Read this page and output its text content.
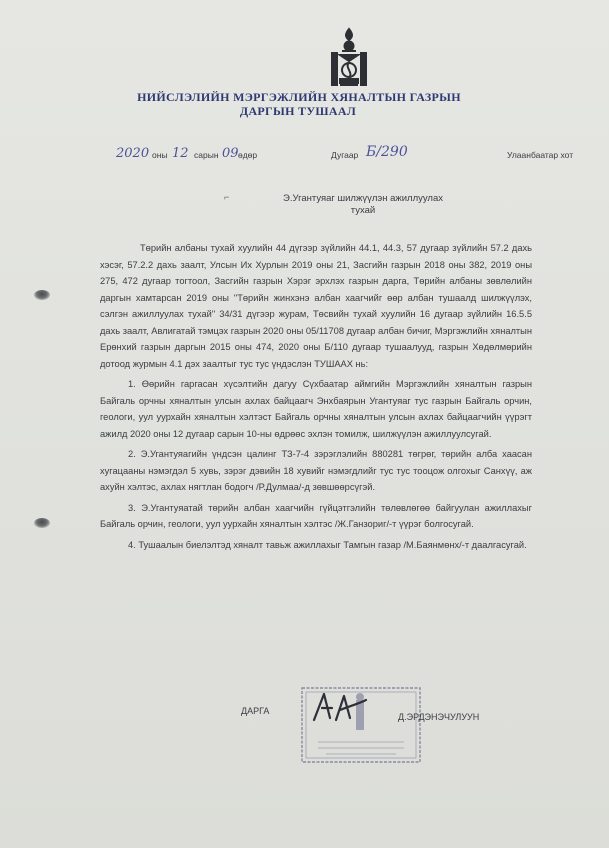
НИЙСЛЭЛИЙН МЭРГЭЖЛИЙН ХЯНАЛТЫН ГАЗРЫН
ДАРГЫН ТУШААЛ
2020 оны 12 сарын 09 өдөр	Дугаар Б/290	Улаанбаатар хот
⌐	Э.Угантуяаг шилжүүлэн ажиллуулах
тухай

Төрийн албаны тухай хуулийн 44 дүгээр зүйлийн 44.1, 44.3, 57 дугаар зүйлийн 57.2 дахь хэсэг, 57.2.2 дахь заалт, Улсын Их Хурлын 2019 оны 21, Засгийн газрын 2018 оны 382, 2019 оны 275, 472 дугаар тогтоол, Засгийн газрын Хэрэг эрхлэх газрын дарга, Төрийн албаны зөвлөлийн даргын хамтарсан 2019 оны "Төрийн жинхэнэ албан хаагчийг өөр албан тушаалд шилжүүлэх, сэлгэн ажиллуулах тухай" 34/31 дүгээр журам, Төсвийн тухай хуулийн 16 дугаар зүйлийн 16.5.5 дахь заалт, Авлигатай тэмцэх газрын 2020 оны 05/11708 дугаар албан бичиг, Мэргэжлийн хяналтын Ерөнхий газрын даргын 2015 оны 474, 2020 оны Б/110 дугаар тушаалууд, газрын Хөдөлмөрийн дотоод журмын 4.1 дэх заалтыг тус тус үндэслэн ТУШААХ нь:

1. Өөрийн гаргасан хүсэлтийн дагуу Сүхбаатар аймгийн Мэргэжлийн хяналтын газрын Байгаль орчны хяналтын улсын ахлах байцаагч Энхбаярын Угантуяаг тус газрын Байгаль орчин, геологи, уул уурхайн хяналтын хэлтэст Байгаль орчны хяналтын улсын ахлах байцаагчийн үүрэгт ажилд 2020 оны 12 дугаар сарын 10-ны өдрөөс эхлэн томилж, шилжүүлэн ажиллуулсугай.

2. Э.Угантуяагийн үндсэн цалинг ТЗ-7-4 зэрэглэлийн 880281 төгрөг, төрийн алба хаасан хугацааны нэмэгдэл 5 хувь, зэрэг дэвийн 18 хувийг нэмэгдлийг тус тус тооцож олгохыг Санхүү, аж ахуйн хэлтэс, ахлах нягтлан бодогч /Р.Дулмаа/-д зөвшөөрсүгэй.

3. Э.Угантуяатай төрийн албан хаагчийн гүйцэтгэлийн төлөвлөгөө байгуулан ажиллахыг Байгаль орчин, геологи, уул уурхайн хяналтын хэлтэс /Ж.Ганзориг/-т үүрэг болгосугай.

4. Тушаалын биелэлтэд хяналт тавьж ажиллахыг Тамгын газар /М.Баянмөнх/-т даалгасугай.

ДАРГА
Д.ЭРДЭНЭЧУЛУУН
